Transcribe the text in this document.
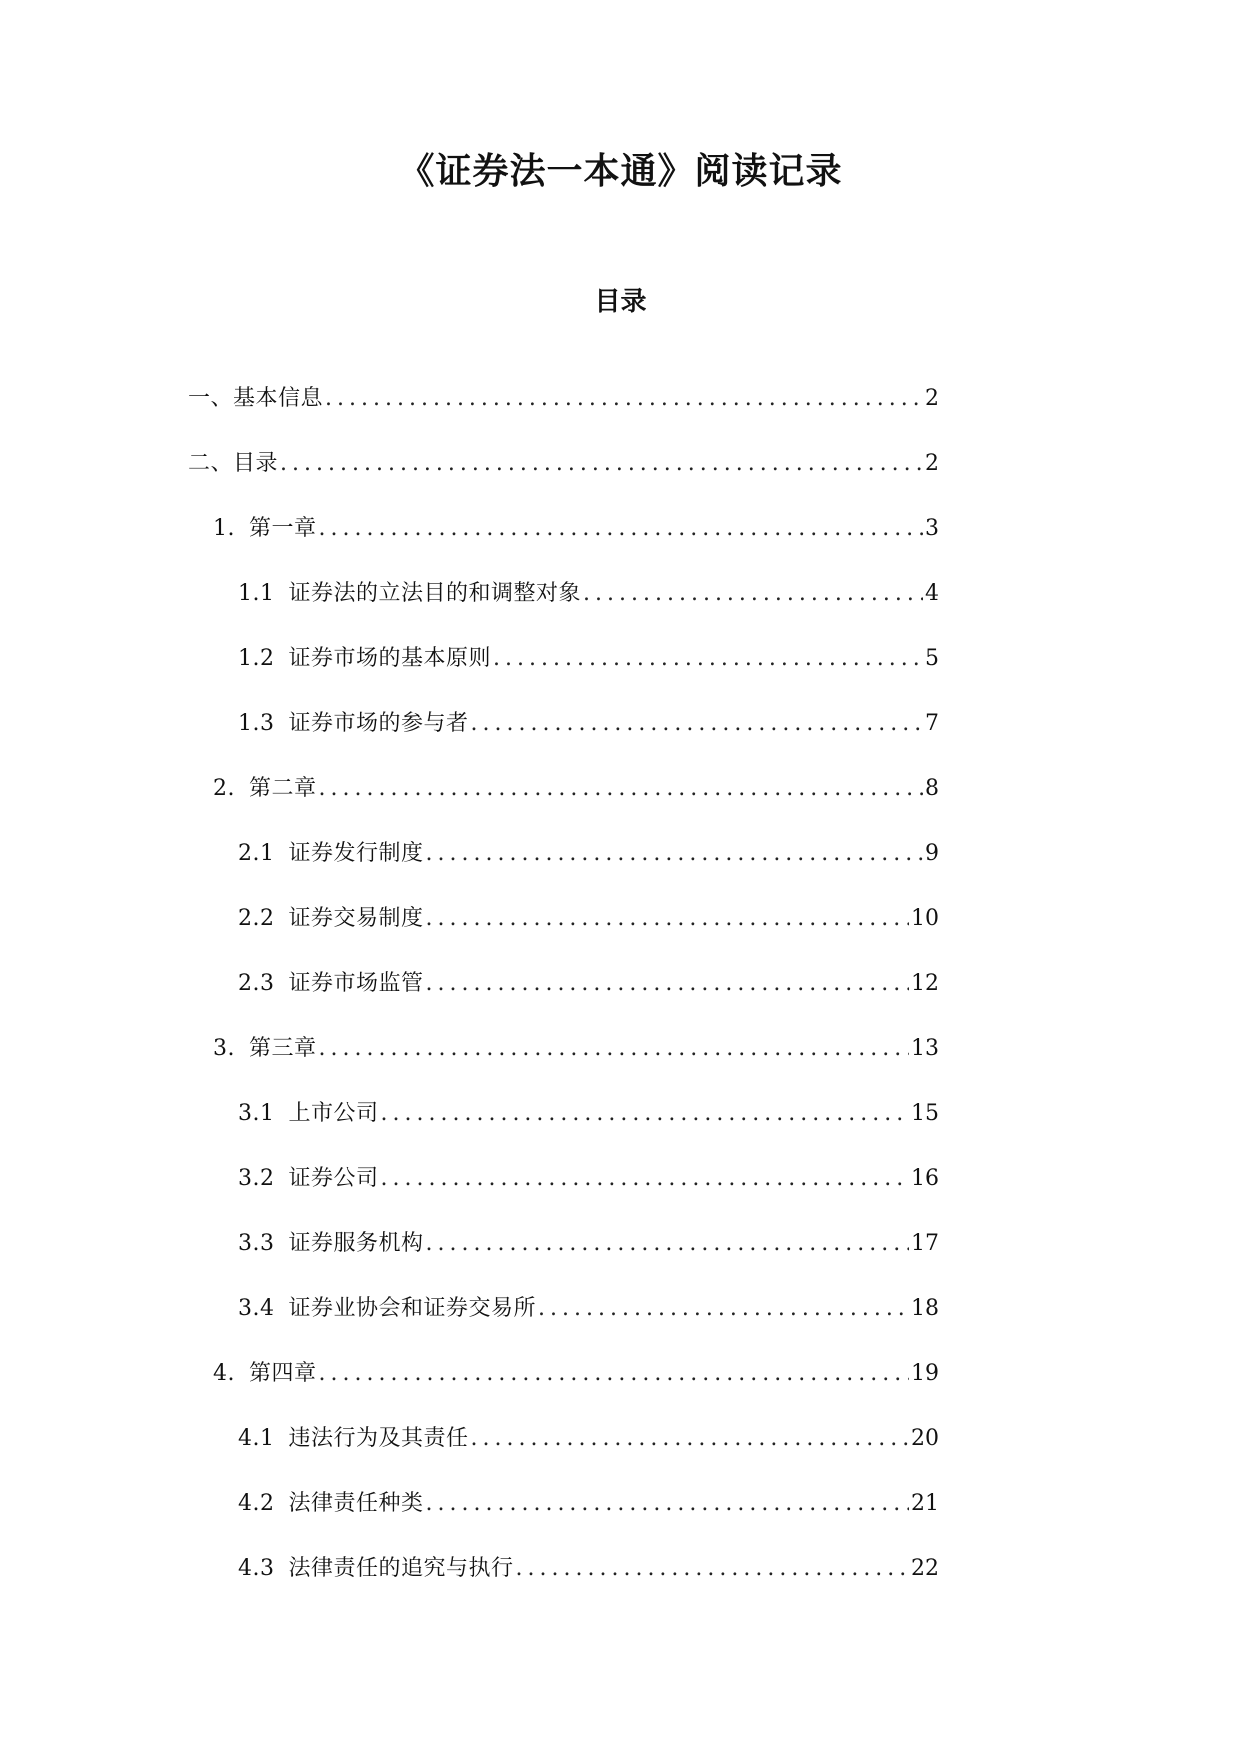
《证券法一本通》阅读记录
目录
一、基本信息 .....	2
二、目录 .....	2
1. 第一章 .....	3
1.1 证券法的立法目的和调整对象 .....	4
1.2 证券市场的基本原则 .....	5
1.3 证券市场的参与者 .....	7
2. 第二章 .....	8
2.1 证券发行制度 .....	9
2.2 证券交易制度 .....	10
2.3 证券市场监管 .....	12
3. 第三章 .....	13
3.1 上市公司 .....	15
3.2 证券公司 .....	16
3.3 证券服务机构 .....	17
3.4 证券业协会和证券交易所 .....	18
4. 第四章 .....	19
4.1 违法行为及其责任 .....	20
4.2 法律责任种类 .....	21
4.3 法律责任的追究与执行 .....	22
